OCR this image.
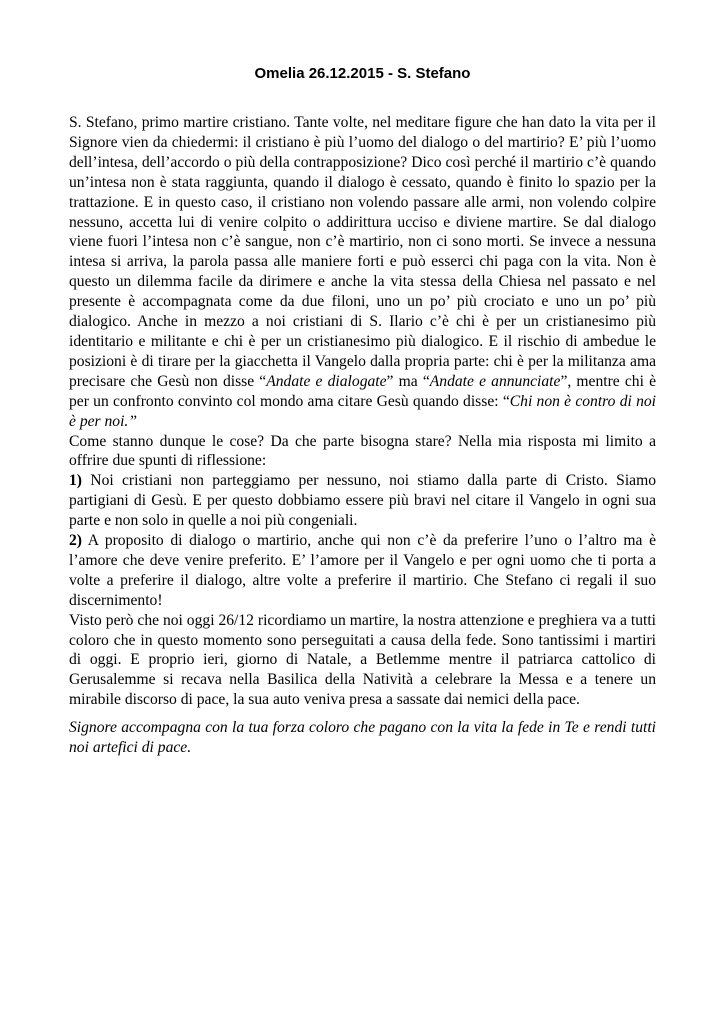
Omelia 26.12.2015 - S. Stefano

S. Stefano, primo martire cristiano. Tante volte, nel meditare figure che han dato la vita per il Signore vien da chiedermi: il cristiano è più l’uomo del dialogo o del martirio? E’ più l’uomo dell’intesa, dell’accordo o più della contrapposizione? Dico così perché il martirio c’è quando un’intesa non è stata raggiunta, quando il dialogo è cessato, quando è finito lo spazio per la trattazione. E in questo caso, il cristiano non volendo passare alle armi, non volendo colpire nessuno, accetta lui di venire colpito o addirittura ucciso e diviene martire. Se dal dialogo viene fuori l’intesa non c’è sangue, non c’è martirio, non ci sono morti. Se invece a nessuna intesa si arriva, la parola passa alle maniere forti e può esserci chi paga con la vita. Non è questo un dilemma facile da dirimere e anche la vita stessa della Chiesa nel passato e nel presente è accompagnata come da due filoni, uno un po’ più crociato e uno un po’ più dialogico. Anche in mezzo a noi cristiani di S. Ilario c’è chi è per un cristianesimo più identitario e militante e chi è per un cristianesimo più dialogico. E il rischio di ambedue le posizioni è di tirare per la giacchetta il Vangelo dalla propria parte: chi è per la militanza ama precisare che Gesù non disse “Andate e dialogate” ma “Andate e annunciate”, mentre chi è per un confronto convinto col mondo ama citare Gesù quando disse: “Chi non è contro di noi è per noi.”

Come stanno dunque le cose? Da che parte bisogna stare? Nella mia risposta mi limito a offrire due spunti di riflessione:

1) Noi cristiani non parteggiamo per nessuno, noi stiamo dalla parte di Cristo. Siamo partigiani di Gesù. E per questo dobbiamo essere più bravi nel citare il Vangelo in ogni sua parte e non solo in quelle a noi più congeniali.

2) A proposito di dialogo o martirio, anche qui non c’è da preferire l’uno o l’altro ma è l’amore che deve venire preferito. E’ l’amore per il Vangelo e per ogni uomo che ti porta a volte a preferire il dialogo, altre volte a preferire il martirio. Che Stefano ci regali il suo discernimento!

Visto però che noi oggi 26/12 ricordiamo un martire, la nostra attenzione e preghiera va a tutti coloro che in questo momento sono perseguitati a causa della fede. Sono tantissimi i martiri di oggi. E proprio ieri, giorno di Natale, a Betlemme mentre il patriarca cattolico di Gerusalemme si recava nella Basilica della Natività a celebrare la Messa e a tenere un mirabile discorso di pace, la sua auto veniva presa a sassate dai nemici della pace.

Signore accompagna con la tua forza coloro che pagano con la vita la fede in Te e rendi tutti noi artefici di pace.
